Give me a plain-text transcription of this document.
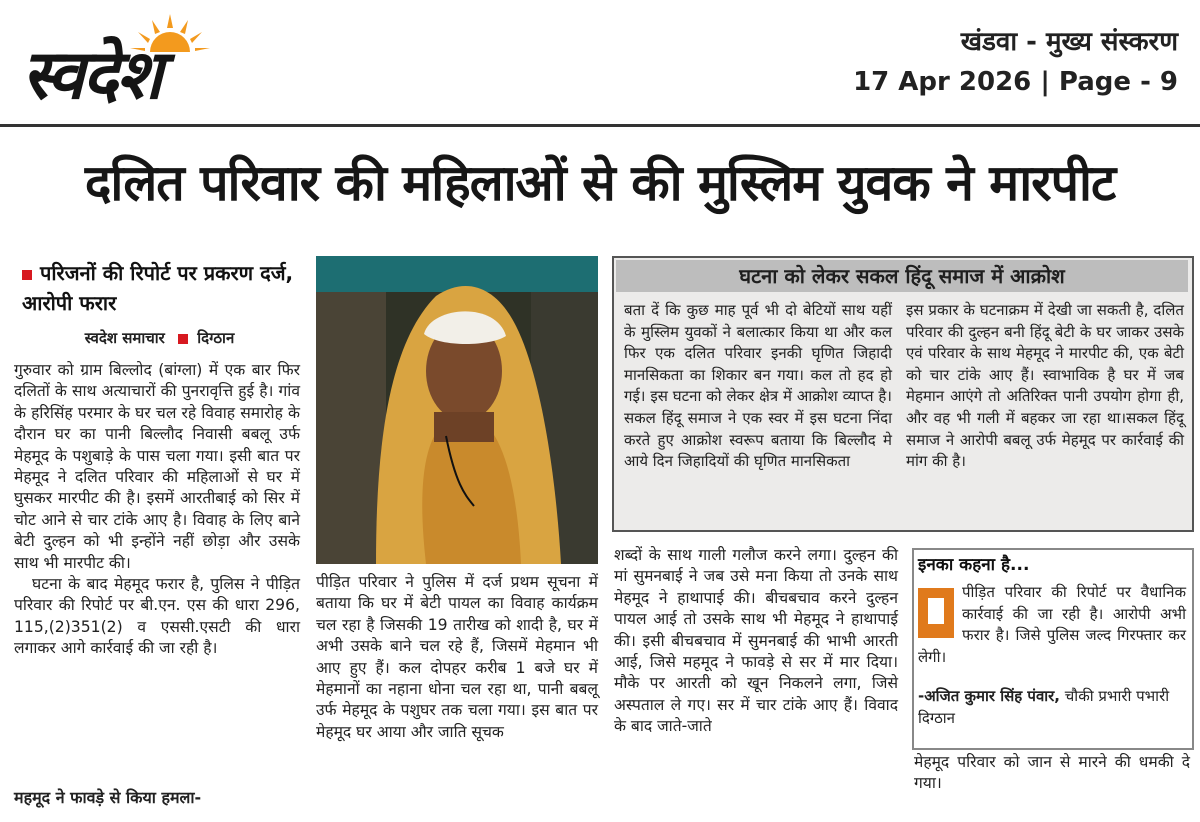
स्वदेश	खंडवा - मुख्य संस्करण
17 Apr 2026 | Page - 9
दलित परिवार की महिलाओं से की मुस्लिम युवक ने मारपीट
परिजनों की रिपोर्ट पर प्रकरण दर्ज, आरोपी फरार
स्वदेश समाचार दिग्ठान

गुरुवार को ग्राम बिल्लोद (बांग्ला) में एक बार फिर दलितों के साथ अत्याचारों की पुनरावृत्ति हुई है। गांव के हरिसिंह परमार के घर चल रहे विवाह समारोह के दौरान घर का पानी बिल्लौद निवासी बबलू उर्फ मेहमूद के पशुबाड़े के पास चला गया। इसी बात पर मेहमूद ने दलित परिवार की महिलाओं से घर में घुसकर मारपीट की है। इसमें आरतीबाई को सिर में चोट आने से चार टांके आए है। विवाह के लिए बाने बेटी दुल्हन को भी इन्होंने नहीं छोड़ा और उसके साथ भी मारपीट की।

घटना के बाद मेहमूद फरार है, पुलिस ने पीड़ित परिवार की रिपोर्ट पर बी.एन. एस की धारा 296, 115,(2)351(2) व एससी.एसटी की धारा लगाकर आगे कार्रवाई की जा रही है।

महमूद ने फावड़े से किया हमला-

पीड़ित परिवार ने पुलिस में दर्ज प्रथम सूचना में बताया कि घर में बेटी पायल का विवाह कार्यक्रम चल रहा है जिसकी 19 तारीख को शादी है, घर में अभी उसके बाने चल रहे हैं, जिसमें मेहमान भी आए हुए हैं। कल दोपहर करीब 1 बजे घर में मेहमानों का नहाना धोना चल रहा था, पानी बबलू उर्फ मेहमूद के पशुघर तक चला गया। इस बात पर मेहमूद घर आया और जाति सूचक

घटना को लेकर सकल हिंदू समाज में आक्रोश

बता दें कि कुछ माह पूर्व भी दो बेटियों साथ यहीं के मुस्लिम युवकों ने बलात्कार किया था और कल फिर एक दलित परिवार इनकी घृणित जिहादी मानसिकता का शिकार बन गया। कल तो हद हो गई। इस घटना को लेकर क्षेत्र में आक्रोश व्याप्त है। सकल हिंदू समाज ने एक स्वर में इस घटना निंदा करते हुए आक्रोश स्वरूप बताया कि बिल्लौद मे आये दिन जिहादियों की घृणित मानसिकता

इस प्रकार के घटनाक्रम में देखी जा सकती है, दलित परिवार की दुल्हन बनी हिंदू बेटी के घर जाकर उसके एवं परिवार के साथ मेहमूद ने मारपीट की, एक बेटी को चार टांके आए हैं। स्वाभाविक है घर में जब मेहमान आएंगे तो अतिरिक्त पानी उपयोग होगा ही, और वह भी गली में बहकर जा रहा था।सकल हिंदू समाज ने आरोपी बबलू उर्फ मेहमूद पर कार्रवाई की मांग की है।

शब्दों के साथ गाली गलौज करने लगा। दुल्हन की मां सुमनबाई ने जब उसे मना किया तो उनके साथ मेहमूद ने हाथापाई की। बीचबचाव करने दुल्हन पायल आई तो उसके साथ भी मेहमूद ने हाथापाई की। इसी बीचबचाव में सुमनबाई की भाभी आरती आई, जिसे महमूद ने फावड़े से सर में मार दिया। मौके पर आरती को खून निकलने लगा, जिसे अस्पताल ले गए। सर में चार टांके आए हैं। विवाद के बाद जाते-जाते

इनका कहना है...
पीड़ित परिवार की रिपोर्ट पर वैधानिक कार्रवाई की जा रही है। आरोपी अभी फरार है। जिसे पुलिस जल्द गिरफ्तार कर लेगी।
-अजित कुमार सिंह पंवार, चौकी प्रभारी पभारी दिग्ठान

मेहमूद परिवार को जान से मारने की धमकी दे गया।
